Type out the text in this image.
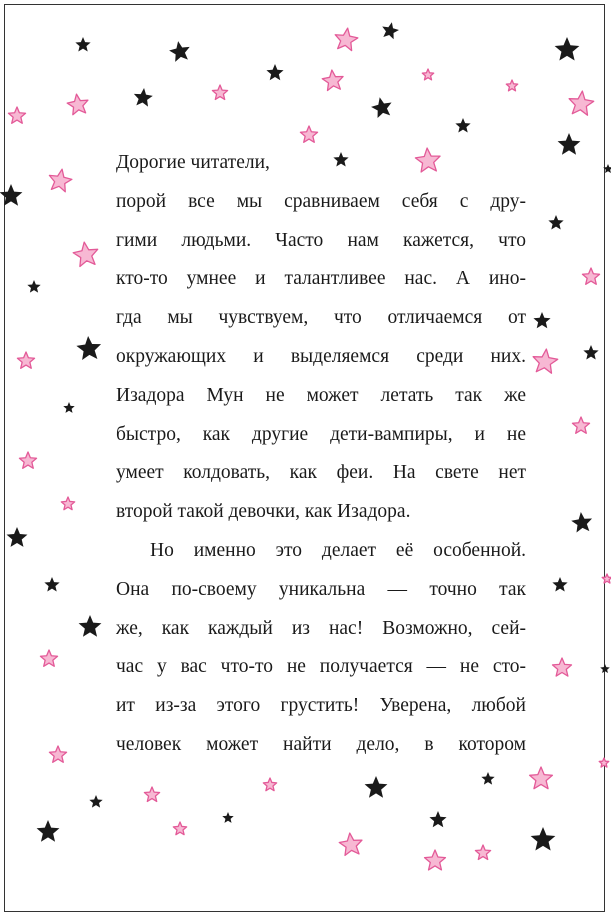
Дорогие читатели,
порой все мы сравниваем себя с дру-
гими людьми. Часто нам кажется, что
кто-то умнее и талантливее нас. А ино-
гда мы чувствуем, что отличаемся от
окружающих и выделяемся среди них.
Изадора Мун не может летать так же
быстро, как другие дети-вампиры, и не
умеет колдовать, как феи. На свете нет
второй такой девочки, как Изадора.
Но именно это делает её особенной.
Она по-своему уникальна — точно так
же, как каждый из нас! Возможно, сей-
час у вас что-то не получается — не сто-
ит из-за этого грустить! Уверена, любой
человек может найти дело, в котором
